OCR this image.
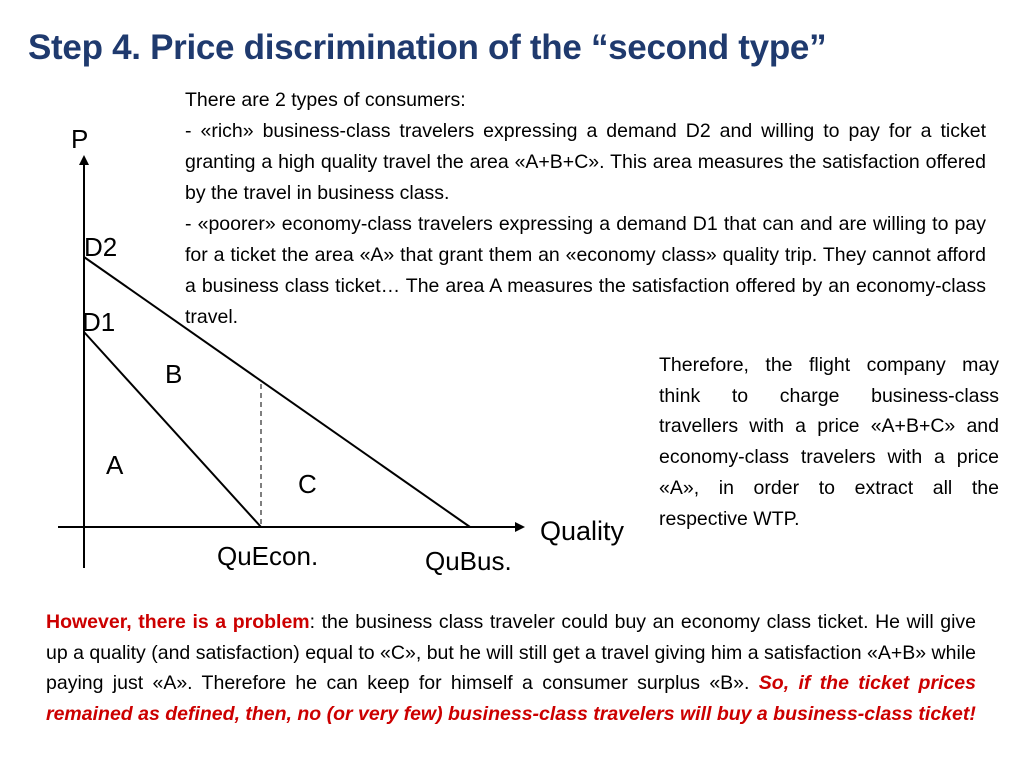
Step 4. Price discrimination of the “second type”
P
D2
D1
B
A
C
Quality
QuEcon.	QuBus.

There are 2 types of consumers:

- «rich» business-class travelers expressing a demand D2 and willing to pay for a ticket granting a high quality travel the area «A+B+C». This area measures the satisfaction offered by the travel in business class.

- «poorer» economy-class travelers expressing a demand D1 that can and are willing to pay for a ticket the area «A» that grant them an «economy class» quality trip. They cannot afford a business class ticket… The area A measures the satisfaction offered by an economy-class travel.

Therefore, the flight company may think to charge business-class travellers with a price «A+B+C» and economy-class travelers with a price «A», in order to extract all the respective WTP.
However, there is a problem: the business class traveler could buy an economy class ticket. He will give up a quality (and satisfaction) equal to «C», but he will still get a travel giving him a satisfaction «A+B» while paying just «A». Therefore he can keep for himself a consumer surplus «B». So, if the ticket prices remained as defined, then, no (or very few) business-class travelers will buy a business-class ticket!
